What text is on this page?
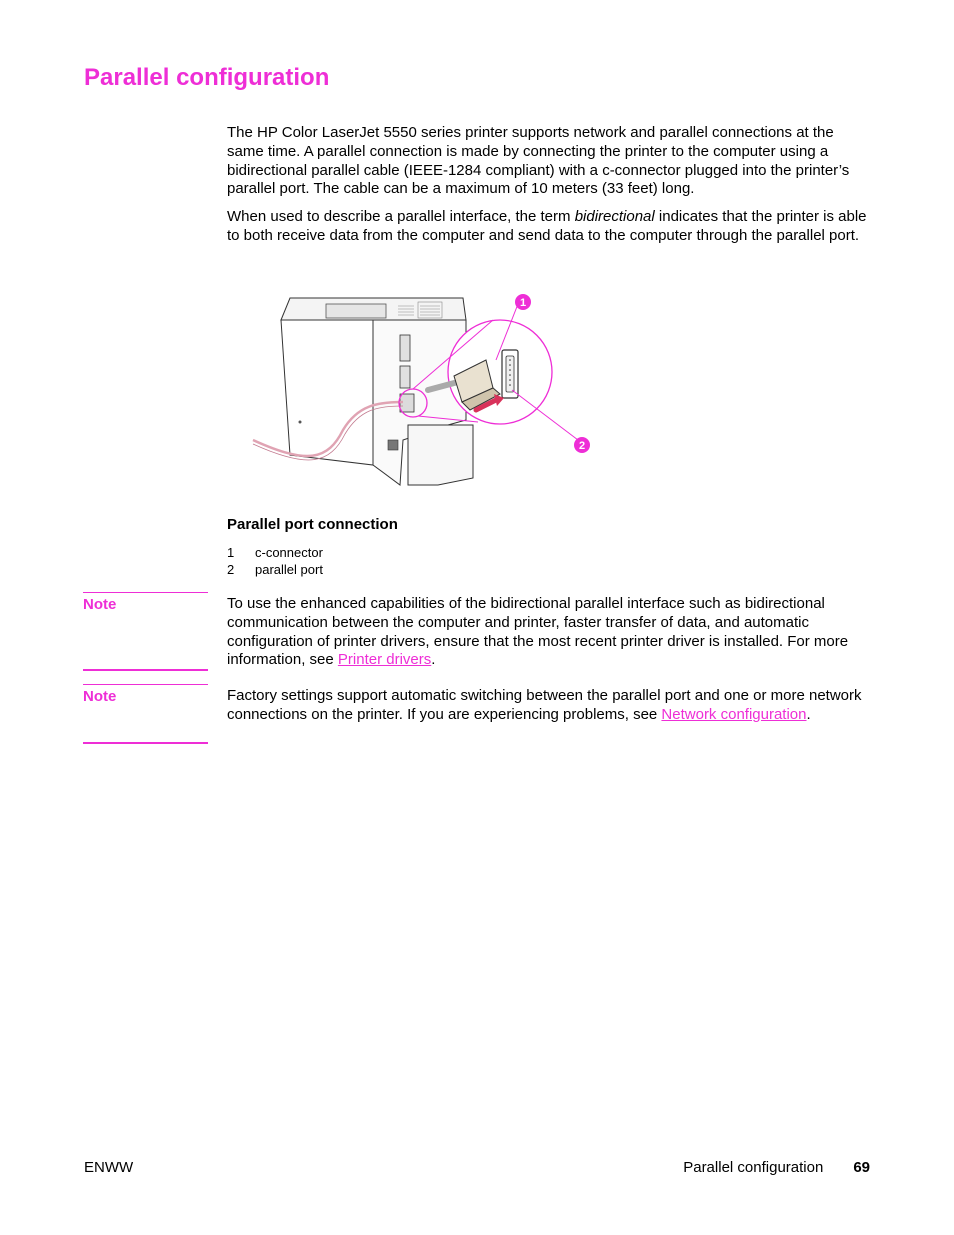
Parallel configuration

The HP Color LaserJet 5550 series printer supports network and parallel connections at the same time. A parallel connection is made by connecting the printer to the computer using a bidirectional parallel cable (IEEE-1284 compliant) with a c-connector plugged into the printer’s parallel port. The cable can be a maximum of 10 meters (33 feet) long.

When used to describe a parallel interface, the term bidirectional indicates that the printer is able to both receive data from the computer and send data to the computer through the parallel port.

1
2

Parallel port connection

1	c-connector
2	parallel port

Note	To use the enhanced capabilities of the bidirectional parallel interface such as bidirectional communication between the computer and printer, faster transfer of data, and automatic configuration of printer drivers, ensure that the most recent printer driver is installed. For more information, see Printer drivers.

Note	Factory settings support automatic switching between the parallel port and one or more network connections on the printer. If you are experiencing problems, see Network configuration.

ENWW	Parallel configuration 69
